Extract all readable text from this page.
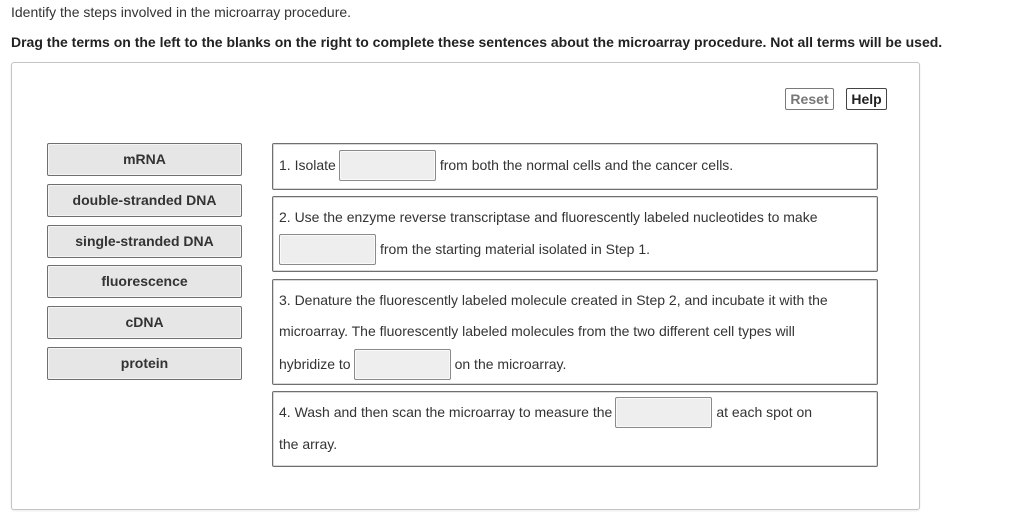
Identify the steps involved in the microarray procedure.
Drag the terms on the left to the blanks on the right to complete these sentences about the microarray procedure. Not all terms will be used.
Reset	Help
mRNA
double-stranded DNA
single-stranded DNA
fluorescence
cDNA
protein
1. Isolate	from both the normal cells and the cancer cells.
2. Use the enzyme reverse transcriptase and fluorescently labeled nucleotides to make
from the starting material isolated in Step 1.
3. Denature the fluorescently labeled molecule created in Step 2, and incubate it with the
microarray. The fluorescently labeled molecules from the two different cell types will
hybridize to	on the microarray.
4. Wash and then scan the microarray to measure the	at each spot on
the array.
